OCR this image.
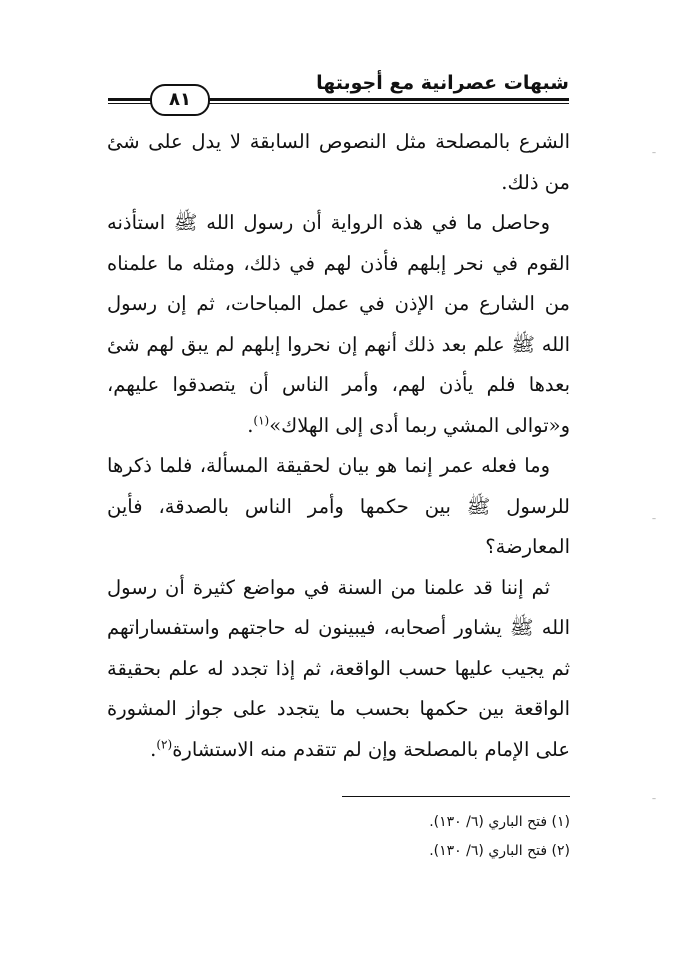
شبهات عصرانية مع أجوبتها
٨١

الشرع بالمصلحة مثل النصوص السابقة لا يدل على شئ من ذلك.

وحاصل ما في هذه الرواية أن رسول الله ﷺ استأذنه القوم في نحر إبلهم فأذن لهم في ذلك، ومثله ما علمناه من الشارع من الإذن في عمل المباحات، ثم إن رسول الله ﷺ علم بعد ذلك أنهم إن نحروا إبلهم لم يبق لهم شئ بعدها فلم يأذن لهم، وأمر الناس أن يتصدقوا عليهم، و«توالى المشي ربما أدى إلى الهلاك»$^{(١)}$.

وما فعله عمر إنما هو بيان لحقيقة المسألة، فلما ذكرها للرسول ﷺ بين حكمها وأمر الناس بالصدقة، فأين المعارضة؟

ثم إننا قد علمنا من السنة في مواضع كثيرة أن رسول الله ﷺ يشاور أصحابه، فيبينون له حاجتهم واستفساراتهم ثم يجيب عليها حسب الواقعة، ثم إذا تجدد له علم بحقيقة الواقعة بين حكمها بحسب ما يتجدد على جواز المشورة على الإمام بالمصلحة وإن لم تتقدم منه الاستشارة$^{(٢)}$.

(١) فتح الباري (٦/ ١٣٠).
(٢) فتح الباري (٦/ ١٣٠).
–
–
–
